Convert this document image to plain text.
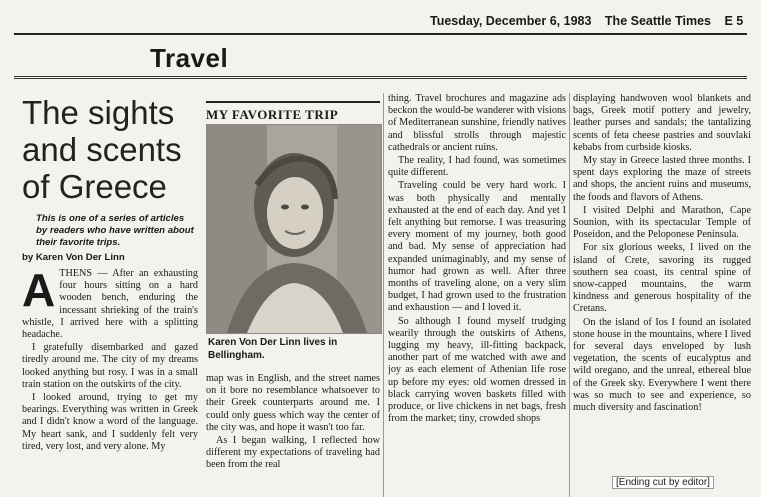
Tuesday, December 6, 1983 The Seattle Times E 5
Travel
The sights and scents of Greece
This is one of a series of articles by readers who have written about their favorite trips.
by Karen Von Der Linn
A THENS — After an exhausting four hours sitting on a hard wooden bench, enduring the incessant shrieking of the train's whistle, I arrived here with a splitting headache.

I gratefully disembarked and gazed tiredly around me. The city of my dreams looked anything but rosy. I was in a small train station on the outskirts of the city.

I looked around, trying to get my bearings. Everything was written in Greek and I didn't know a word of the language. My heart sank, and I suddenly felt very tired, very lost, and very alone. My

MY FAVORITE TRIP
Karen Von Der Linn lives in Bellingham.

map was in English, and the street names on it bore no resemblance whatsoever to their Greek counterparts around me. I could only guess which way the center of the city was, and hope it wasn't too far.

As I began walking, I reflected how different my expectations of traveling had been from the real

thing. Travel brochures and magazine ads beckon the would-be wanderer with visions of Mediterranean sunshine, friendly natives and blissful strolls through majestic cathedrals or ancient ruins.

The reality, I had found, was sometimes quite different.

Traveling could be very hard work. I was both physically and mentally exhausted at the end of each day. And yet I felt anything but remorse. I was treasuring every moment of my journey, both good and bad. My sense of appreciation had expanded unimaginably, and my sense of humor had grown as well. After three months of traveling alone, on a very slim budget, I had grown used to the frustration and exhaustion — and I loved it.

So although I found myself trudging wearily through the outskirts of Athens, lugging my heavy, ill-fitting backpack, another part of me watched with awe and joy as each element of Athenian life rose up before my eyes: old women dressed in black carrying woven baskets filled with produce, or live chickens in net bags, fresh from the market; tiny, crowded shops

displaying handwoven wool blankets and bags, Greek motif pottery and jewelry, leather purses and sandals; the tantalizing scents of feta cheese pastries and souvlaki kebabs from curbside kiosks.

My stay in Greece lasted three months. I spent days exploring the maze of streets and shops, the ancient ruins and museums, the foods and flavors of Athens.

I visited Delphi and Marathon, Cape Sounion, with its spectacular Temple of Poseidon, and the Peloponese Peninsula.

For six glorious weeks, I lived on the island of Crete, savoring its rugged southern sea coast, its central spine of snow-capped mountains, the warm kindness and generous hospitality of the Cretans.

On the island of Ios I found an isolated stone house in the mountains, where I lived for several days enveloped by lush vegetation, the scents of eucalyptus and wild oregano, and the unreal, ethereal blue of the Greek sky. Everywhere I went there was so much to see and experience, so much diversity and fascination!

[Ending cut by editor]
